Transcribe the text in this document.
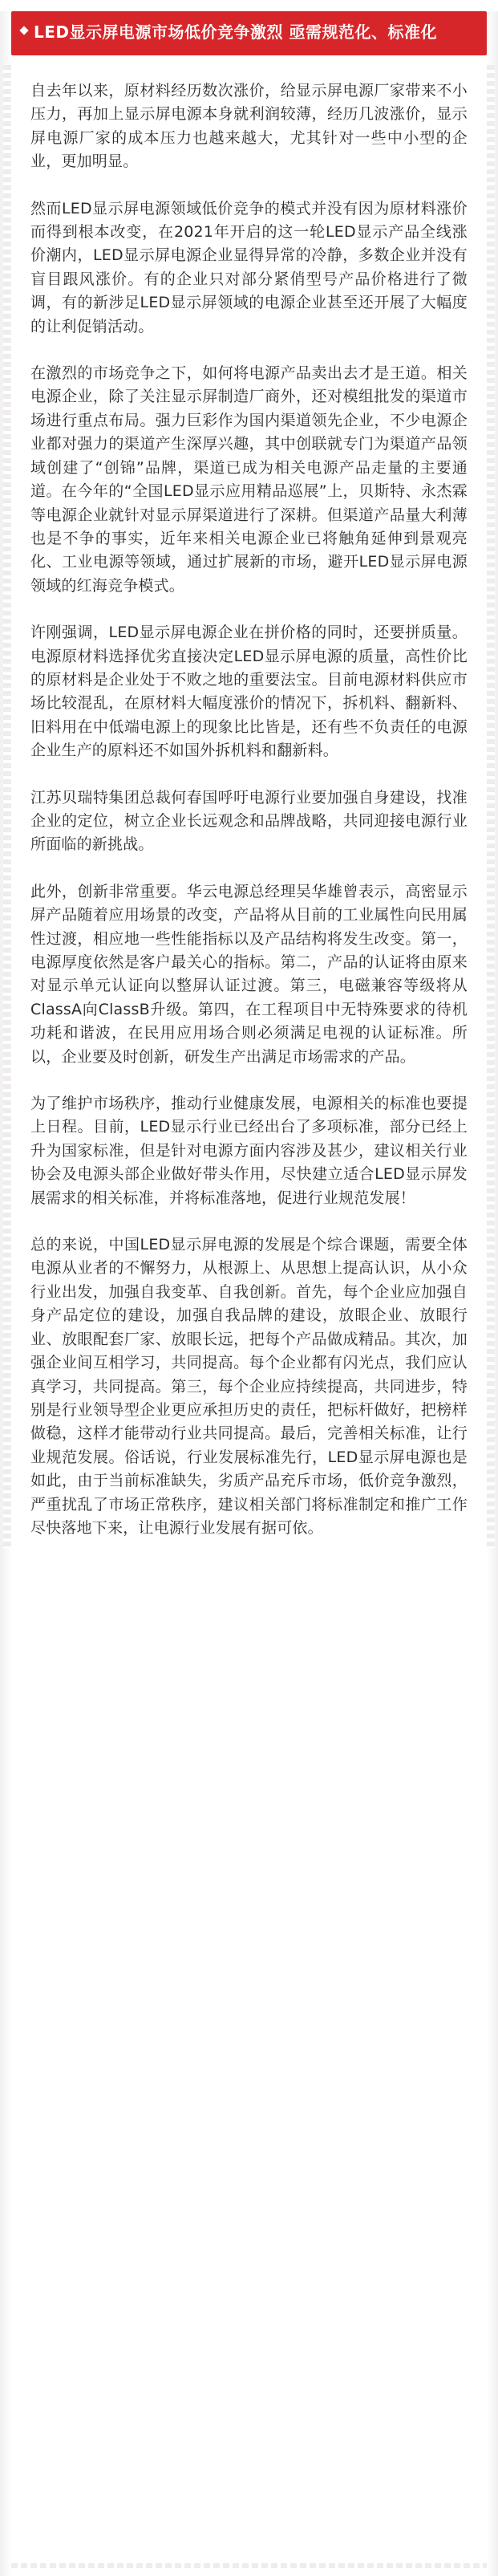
LED显示屏电源市场低价竞争激烈 亟需规范化、标准化

自去年以来，原材料经历数次涨价，给显示屏电源厂家带来不小压力，再加上显示屏电源本身就利润较薄，经历几波涨价，显示屏电源厂家的成本压力也越来越大，尤其针对一些中小型的企业，更加明显。

然而LED显示屏电源领域低价竞争的模式并没有因为原材料涨价而得到根本改变，在2021年开启的这一轮LED显示产品全线涨价潮内，LED显示屏电源企业显得异常的冷静，多数企业并没有盲目跟风涨价。有的企业只对部分紧俏型号产品价格进行了微调，有的新涉足LED显示屏领域的电源企业甚至还开展了大幅度的让利促销活动。

在激烈的市场竞争之下，如何将电源产品卖出去才是王道。相关电源企业，除了关注显示屏制造厂商外，还对模组批发的渠道市场进行重点布局。强力巨彩作为国内渠道领先企业，不少电源企业都对强力的渠道产生深厚兴趣，其中创联就专门为渠道产品领域创建了“创锦”品牌，渠道已成为相关电源产品走量的主要通道。在今年的“全国LED显示应用精品巡展”上，贝斯特、永杰霖等电源企业就针对显示屏渠道进行了深耕。但渠道产品量大利薄也是不争的事实，近年来相关电源企业已将触角延伸到景观亮化、工业电源等领域，通过扩展新的市场，避开LED显示屏电源领域的红海竞争模式。

许刚强调，LED显示屏电源企业在拼价格的同时，还要拼质量。电源原材料选择优劣直接决定LED显示屏电源的质量，高性价比的原材料是企业处于不败之地的重要法宝。目前电源材料供应市场比较混乱，在原材料大幅度涨价的情况下，拆机料、翻新料、旧料用在中低端电源上的现象比比皆是，还有些不负责任的电源企业生产的原料还不如国外拆机料和翻新料。

江苏贝瑞特集团总裁何春国呼吁电源行业要加强自身建设，找准企业的定位，树立企业长远观念和品牌战略，共同迎接电源行业所面临的新挑战。

此外，创新非常重要。华云电源总经理吴华雄曾表示，高密显示屏产品随着应用场景的改变，产品将从目前的工业属性向民用属性过渡，相应地一些性能指标以及产品结构将发生改变。第一，电源厚度依然是客户最关心的指标。第二，产品的认证将由原来对显示单元认证向以整屏认证过渡。第三，电磁兼容等级将从ClassA向ClassB升级。第四，在工程项目中无特殊要求的待机功耗和谐波，在民用应用场合则必须满足电视的认证标准。所以，企业要及时创新，研发生产出满足市场需求的产品。

为了维护市场秩序，推动行业健康发展，电源相关的标准也要提上日程。目前，LED显示行业已经出台了多项标准，部分已经上升为国家标准，但是针对电源方面内容涉及甚少，建议相关行业协会及电源头部企业做好带头作用，尽快建立适合LED显示屏发展需求的相关标准，并将标准落地，促进行业规范发展！

总的来说，中国LED显示屏电源的发展是个综合课题，需要全体电源从业者的不懈努力，从根源上、从思想上提高认识，从小众行业出发，加强自我变革、自我创新。首先，每个企业应加强自身产品定位的建设，加强自我品牌的建设，放眼企业、放眼行业、放眼配套厂家、放眼长远，把每个产品做成精品。其次，加强企业间互相学习，共同提高。每个企业都有闪光点，我们应认真学习，共同提高。第三，每个企业应持续提高，共同进步，特别是行业领导型企业更应承担历史的责任，把标杆做好，把榜样做稳，这样才能带动行业共同提高。最后，完善相关标准，让行业规范发展。俗话说，行业发展标准先行，LED显示屏电源也是如此，由于当前标准缺失，劣质产品充斥市场，低价竞争激烈，严重扰乱了市场正常秩序，建议相关部门将标准制定和推广工作尽快落地下来，让电源行业发展有据可依。
